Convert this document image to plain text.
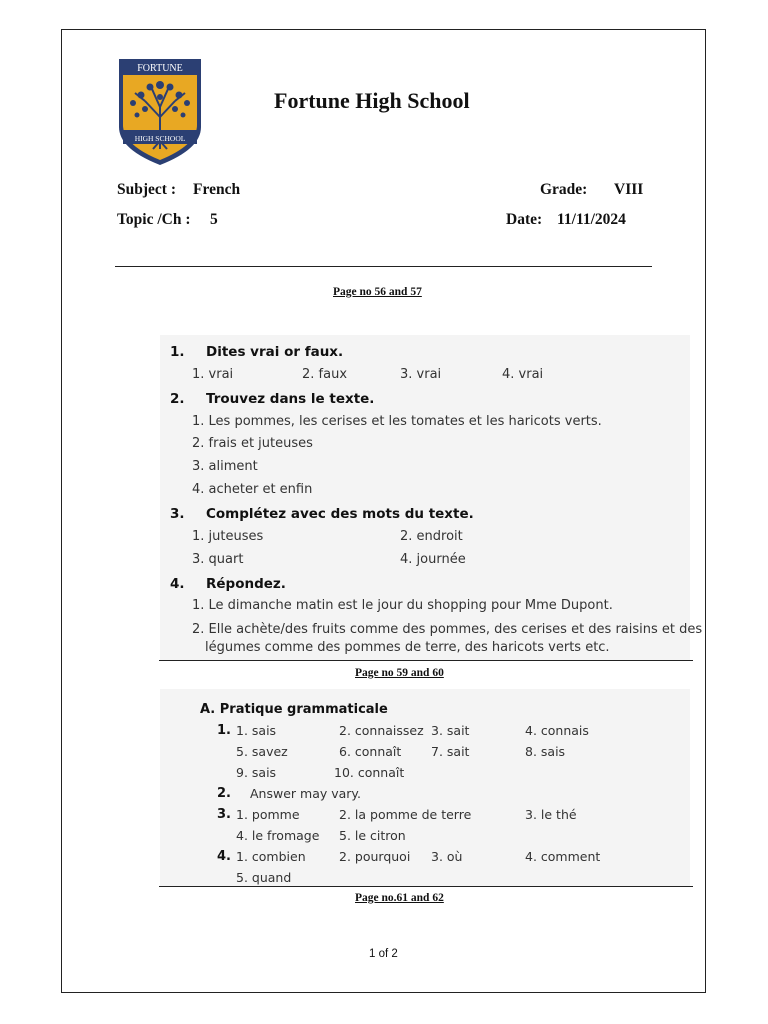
FORTUNE
HIGH SCHOOL
Fortune High School
Subject : French	Grade: VIII
Topic /Ch : 5	Date: 11/11/2024
Page no 56 and 57
1. Dites vrai or faux.
1. vrai	2. faux	3. vrai	4. vrai
2. Trouvez dans le texte.
1. Les pommes, les cerises et les tomates et les haricots verts.
2. frais et juteuses
3. aliment
4. acheter et enfin
3. Complétez avec des mots du texte.
1. juteuses	2. endroit
3. quart	4. journée
4. Répondez.
1. Le dimanche matin est le jour du shopping pour Mme Dupont.
2. Elle achète/des fruits comme des pommes, des cerises et des raisins et des
légumes comme des pommes de terre, des haricots verts etc.
Page no 59 and 60
A. Pratique grammaticale
1. 1. sais	2. connaissez 3. sait	4. connais
5. savez	6. connaît 7. sait	8. sais
9. sais	10. connaît
2. Answer may vary.
3. 1. pomme	2. la pomme de terre	3. le thé
4. le fromage 5. le citron
4. 1. combien	2. pourquoi 3. où	4. comment
5. quand
Page no.61 and 62
1 of 2
